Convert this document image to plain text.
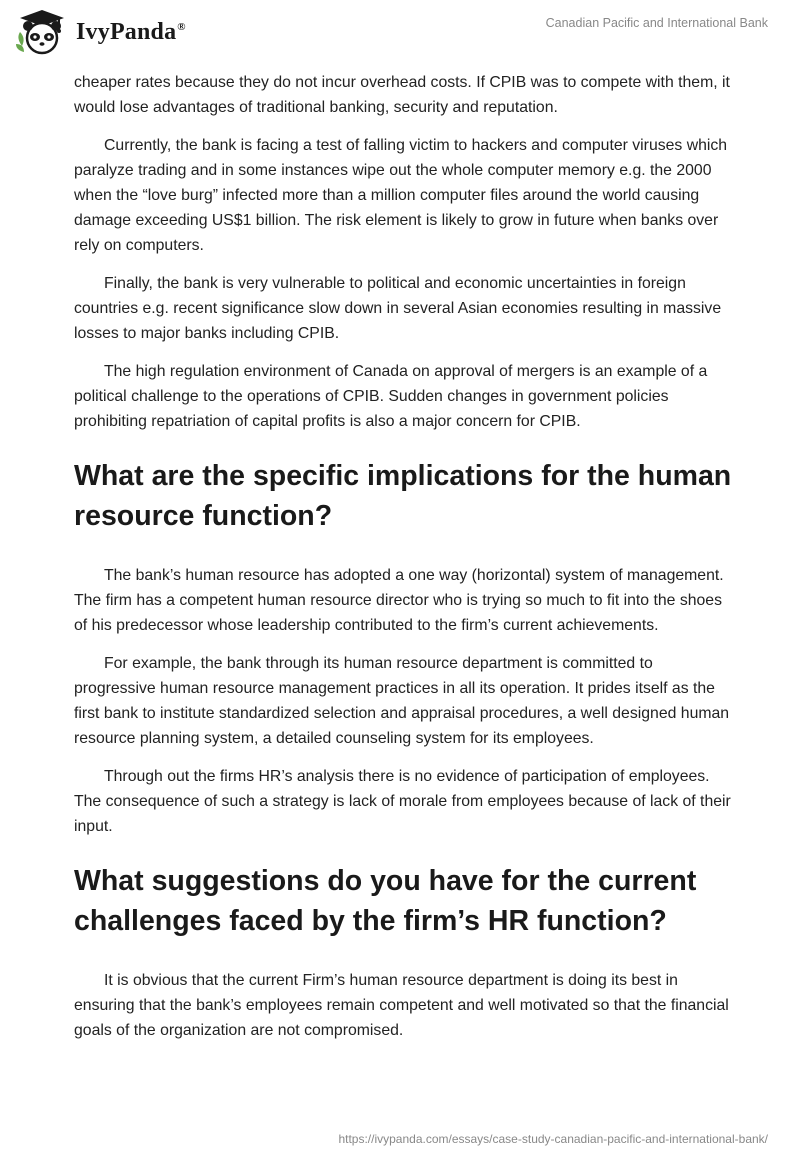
IvyPanda®	Canadian Pacific and International Bank

cheaper rates because they do not incur overhead costs. If CPIB was to compete with them, it would lose advantages of traditional banking, security and reputation.

Currently, the bank is facing a test of falling victim to hackers and computer viruses which paralyze trading and in some instances wipe out the whole computer memory e.g. the 2000 when the “love burg” infected more than a million computer files around the world causing damage exceeding US$1 billion. The risk element is likely to grow in future when banks over rely on computers.

Finally, the bank is very vulnerable to political and economic uncertainties in foreign countries e.g. recent significance slow down in several Asian economies resulting in massive losses to major banks including CPIB.

The high regulation environment of Canada on approval of mergers is an example of a political challenge to the operations of CPIB. Sudden changes in government policies prohibiting repatriation of capital profits is also a major concern for CPIB.

What are the specific implications for the human resource function?

The bank’s human resource has adopted a one way (horizontal) system of management. The firm has a competent human resource director who is trying so much to fit into the shoes of his predecessor whose leadership contributed to the firm’s current achievements.

For example, the bank through its human resource department is committed to progressive human resource management practices in all its operation. It prides itself as the first bank to institute standardized selection and appraisal procedures, a well designed human resource planning system, a detailed counseling system for its employees.

Through out the firms HR’s analysis there is no evidence of participation of employees. The consequence of such a strategy is lack of morale from employees because of lack of their input.

What suggestions do you have for the current challenges faced by the firm’s HR function?

It is obvious that the current Firm’s human resource department is doing its best in ensuring that the bank’s employees remain competent and well motivated so that the financial goals of the organization are not compromised.

https://ivypanda.com/essays/case-study-canadian-pacific-and-international-bank/
